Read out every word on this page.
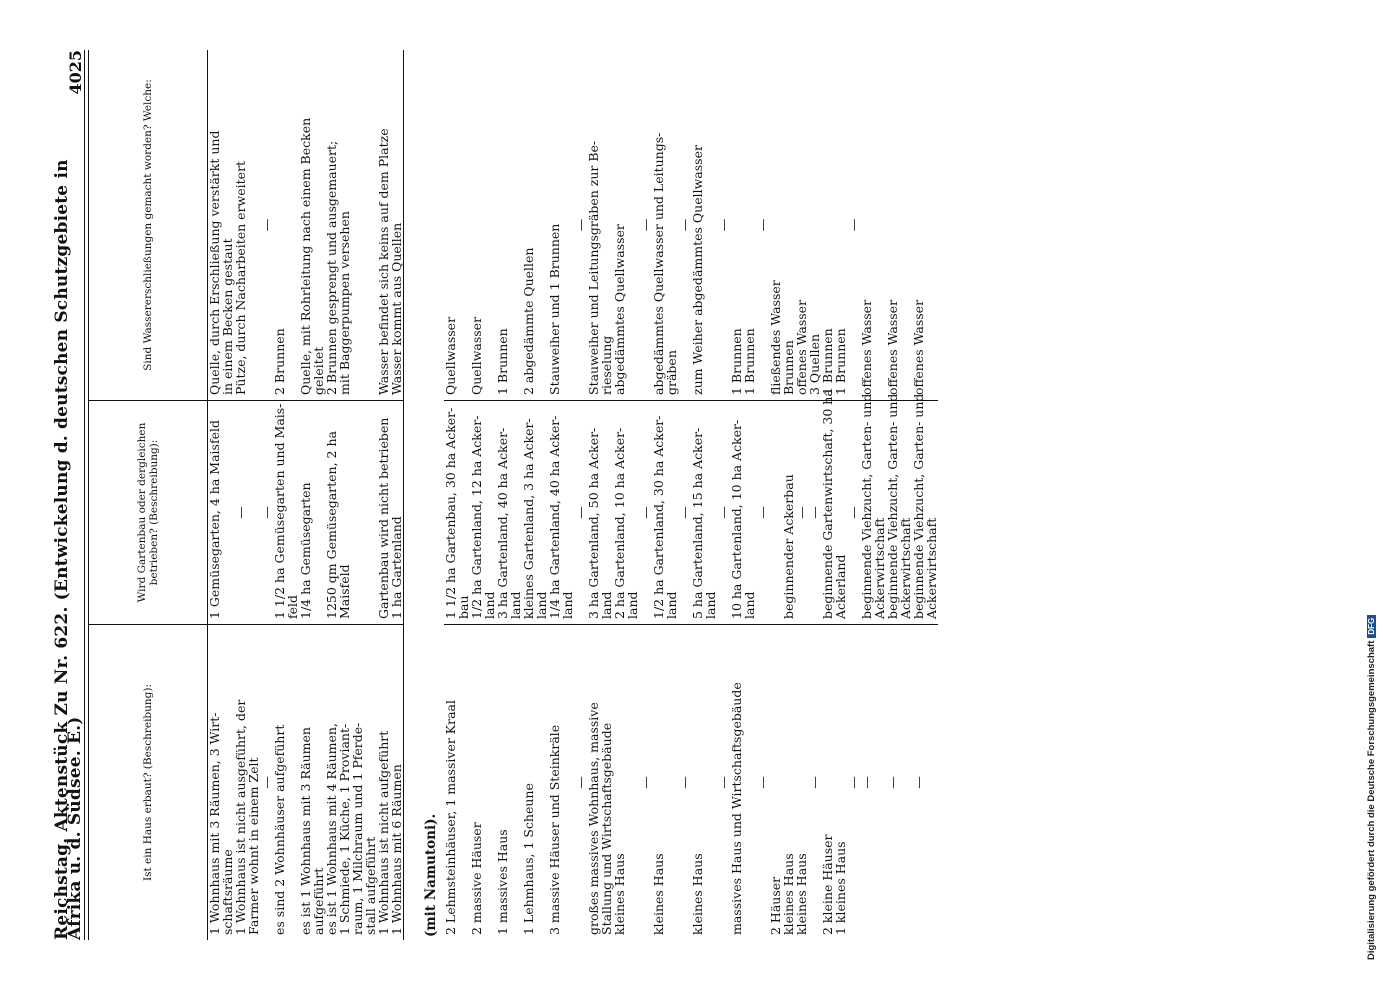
Reichstag. Aktenstück Zu Nr. 622. (Entwickelung d. deutschen Schutzgebiete in Afrika u. d. Südsee. E.)
4025
Ist ein Haus erbaut? (Beschreibung):
Wird Gartenbau oder dergleichen betrieben? (Beschreibung):
Sind Wassererschließungen gemacht worden? Welche:
1 Wohnhaus mit 3 Räumen, 3 Wirt-
schaftsräume
1 Wohnhaus ist nicht ausgeführt, der
Farmer wohnt in einem Zelt
1 Gemüsegarten, 4 ha Maisfeld —
Quelle, durch Erschließung verstärkt und
in einem Becken gestaut
Pütze, durch Nacharbeiten erweitert
—
—
—
es sind 2 Wohnhäuser aufgeführt
1 1/2 ha Gemüsegarten und Mais-
feld
2 Brunnen
es ist 1 Wohnhaus mit 3 Räumen
aufgeführt
1/4 ha Gemüsegarten
Quelle, mit Rohrleitung nach einem Becken
geleitet
es ist 1 Wohnhaus mit 4 Räumen,
1 Schmiede, 1 Küche, 1 Proviant-
raum, 1 Milchraum und 1 Pferde-
stall aufgeführt
1250 qm Gemüsegarten, 2 ha
Maisfeld
2 Brunnen gesprengt und ausgemauert;
mit Baggerpumpen versehen
1 Wohnhaus ist nicht aufgeführt
1 Wohnhaus mit 6 Räumen
Gartenbau wird nicht betrieben
1 ha Gartenland
Wasser befindet sich keins auf dem Platze
Wasser kommt aus Quellen
(mit Namutoni). 2 Lehmsteinhäuser, 1 massiver Kraal
1 1/2 ha Gartenbau, 30 ha Acker-
bau
Quellwasser
2 massive Häuser
1/2 ha Gartenland, 12 ha Acker-
land
Quellwasser
1 massives Haus
3 ha Gartenland, 40 ha Acker-
land
1 Brunnen
1 Lehmhaus, 1 Scheune
kleines Gartenland, 3 ha Acker-
land
2 abgedämmte Quellen
3 massive Häuser und Steinkräle
1/4 ha Gartenland, 40 ha Acker-
land
Stauweiher und 1 Brunnen
—
—
—
großes massives Wohnhaus, massive
Stallung und Wirtschaftsgebäude
3 ha Gartenland, 50 ha Acker-
land
Stauweiher und Leitungsgräben zur Be-
rieselung
kleines Haus
2 ha Gartenland, 10 ha Acker-
land
abgedämmtes Quellwasser
—
—
—
kleines Haus
1/2 ha Gartenland, 30 ha Acker-
land
abgedämmtes Quellwasser und Leitungs-
gräben
—
—
—
kleines Haus
5 ha Gartenland, 15 ha Acker-
land
zum Weiher abgedämmtes Quellwasser
—
—
—
massives Haus und Wirtschaftsgebäude
10 ha Gartenland, 10 ha Acker-
land
1 Brunnen
1 Brunnen
—
—
—
2 Häuser
kleines Haus
kleines Haus
beginnender Ackerbau
—
fließendes Wasser
Brunnen
offenes Wasser
—
—
3 Quellen
2 kleine Häuser
1 kleines Haus
beginnende Gartenwirtschaft, 30 ha
Ackerland
1 Brunnen
1 Brunnen
—
—
—
—
beginnende Viehzucht, Garten- und
Ackerwirtschaft
offenes Wasser
—
beginnende Viehzucht, Garten- und
Ackerwirtschaft
offenes Wasser
—
beginnende Viehzucht, Garten- und
Ackerwirtschaft
offenes Wasser
Digitalisierung gefördert durch die Deutsche ForschungsgemeinschaftDFG
